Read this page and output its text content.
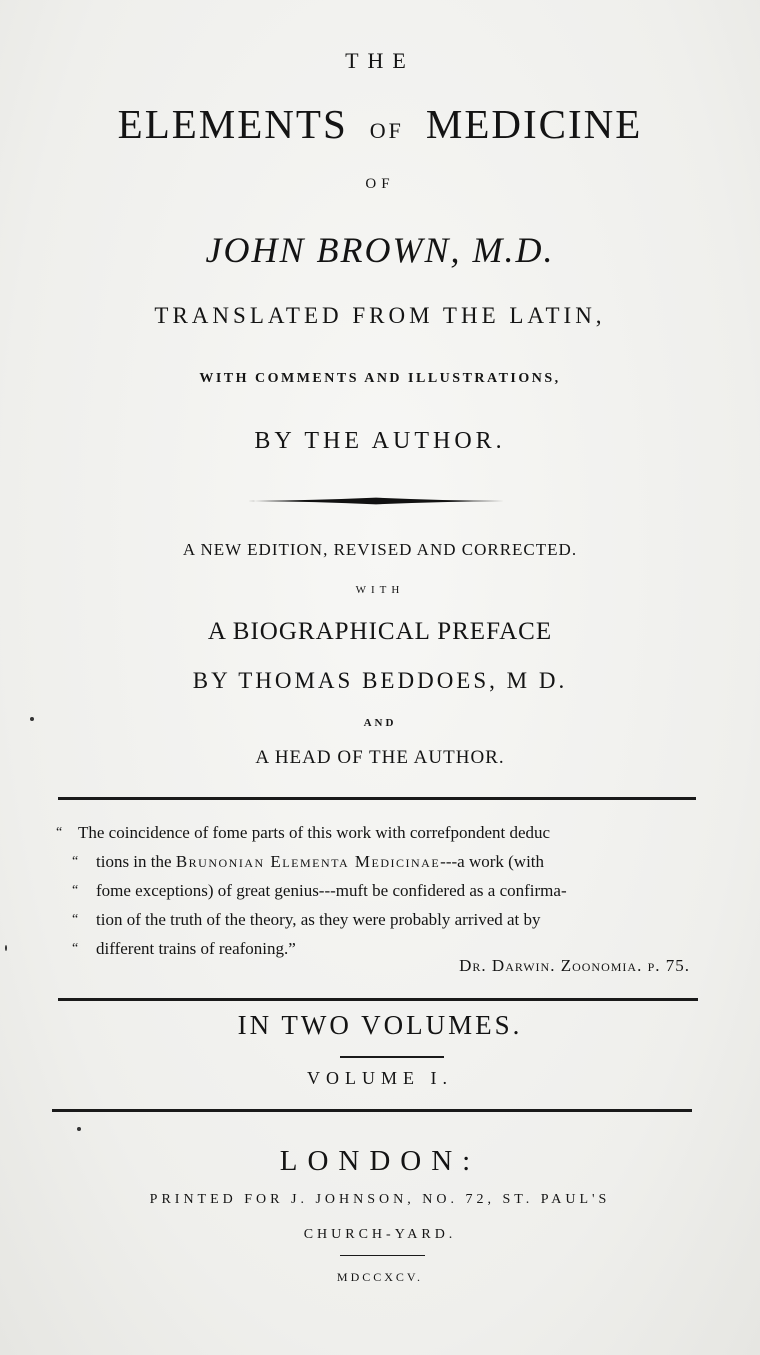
THE
ELEMENTS OF MEDICINE
OF
JOHN BROWN, M.D.
TRANSLATED FROM THE LATIN,
WITH COMMENTS AND ILLUSTRATIONS,
BY THE AUTHOR.
A NEW EDITION, REVISED AND CORRECTED.
WITH
A BIOGRAPHICAL PREFACE
BY THOMAS BEDDOES, M D.
AND
A HEAD OF THE AUTHOR.
“ The coincidence of fome parts of this work with correfpondent deduc
“ tions in the Brunonian Elementa Medicinae---a work (with
“ fome exceptions) of great genius---muft be confidered as a confirma-
“ tion of the truth of the theory, as they were probably arrived at by
“ different trains of reafoning.”
Dr. Darwin. Zoonomia. p. 75.
IN TWO VOLUMES.
VOLUME I.
LONDON:
PRINTED FOR J. JOHNSON, NO. 72, ST. PAUL'S
CHURCH-YARD.
MDCCXCV.
